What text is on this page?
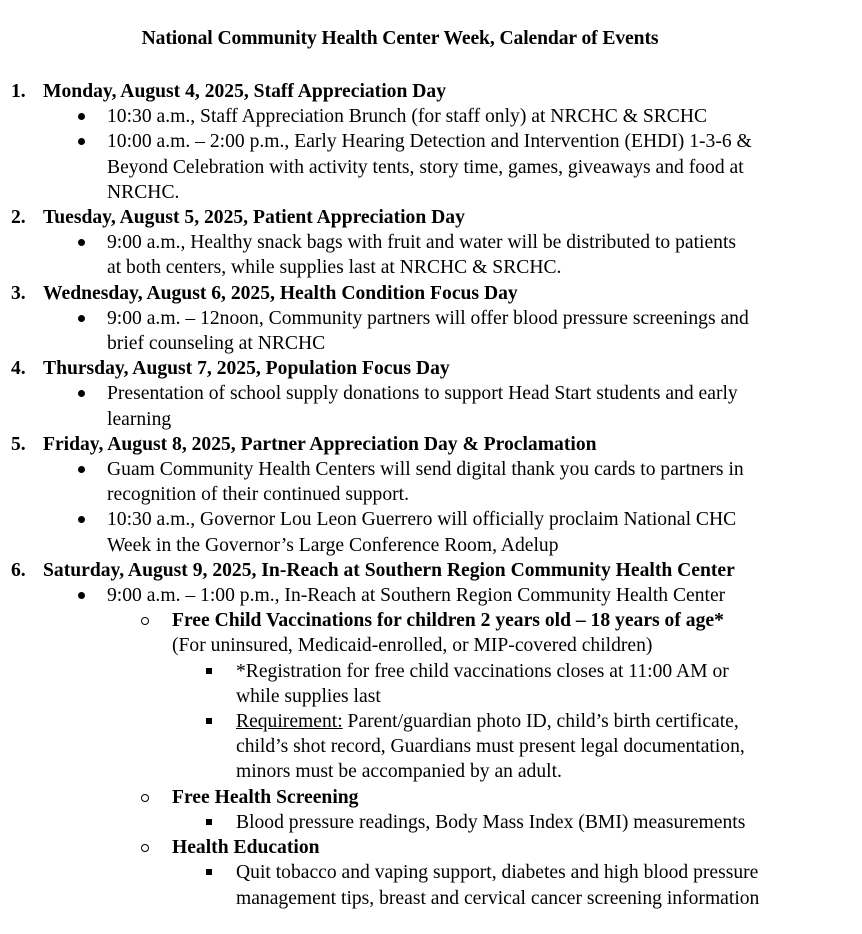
National Community Health Center Week, Calendar of Events
1. Monday, August 4, 2025, Staff Appreciation Day
10:30 a.m., Staff Appreciation Brunch (for staff only) at NRCHC & SRCHC
10:00 a.m. – 2:00 p.m., Early Hearing Detection and Intervention (EHDI) 1-3-6 &
Beyond Celebration with activity tents, story time, games, giveaways and food at
NRCHC.
2. Tuesday, August 5, 2025, Patient Appreciation Day
9:00 a.m., Healthy snack bags with fruit and water will be distributed to patients
at both centers, while supplies last at NRCHC & SRCHC.
3. Wednesday, August 6, 2025, Health Condition Focus Day
9:00 a.m. – 12noon, Community partners will offer blood pressure screenings and
brief counseling at NRCHC
4. Thursday, August 7, 2025, Population Focus Day
Presentation of school supply donations to support Head Start students and early
learning
5. Friday, August 8, 2025, Partner Appreciation Day & Proclamation
Guam Community Health Centers will send digital thank you cards to partners in
recognition of their continued support.
10:30 a.m., Governor Lou Leon Guerrero will officially proclaim National CHC
Week in the Governor’s Large Conference Room, Adelup
6. Saturday, August 9, 2025, In-Reach at Southern Region Community Health Center
9:00 a.m. – 1:00 p.m., In-Reach at Southern Region Community Health Center
Free Child Vaccinations for children 2 years old – 18 years of age*
(For uninsured, Medicaid-enrolled, or MIP-covered children)
*Registration for free child vaccinations closes at 11:00 AM or
while supplies last
Requirement: Parent/guardian photo ID, child’s birth certificate,
child’s shot record, Guardians must present legal documentation,
minors must be accompanied by an adult.
Free Health Screening
Blood pressure readings, Body Mass Index (BMI) measurements
Health Education
Quit tobacco and vaping support, diabetes and high blood pressure
management tips, breast and cervical cancer screening information
